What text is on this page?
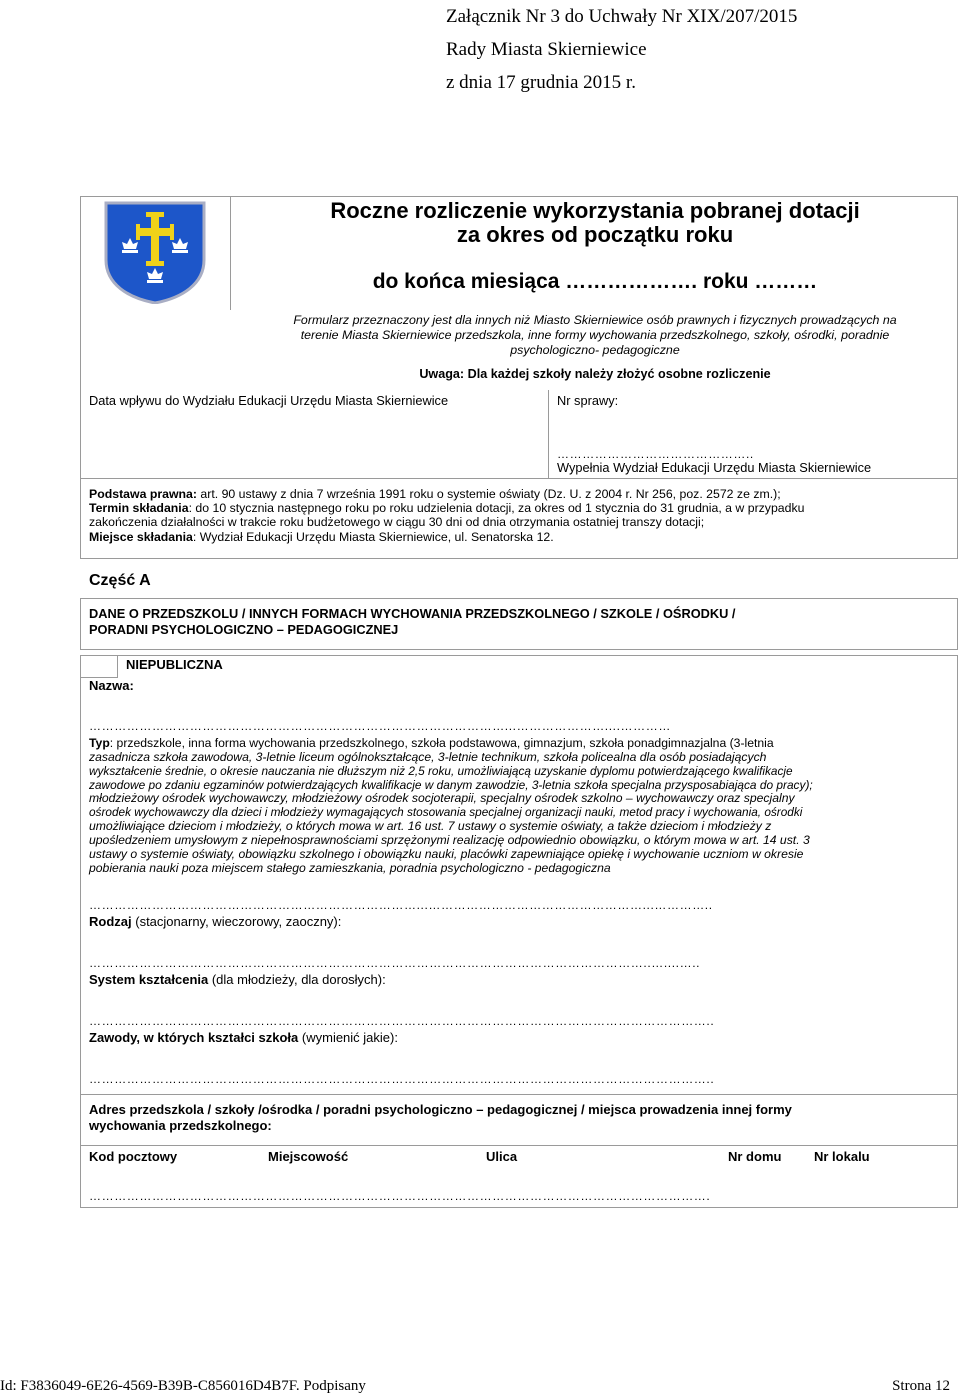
Załącznik Nr 3 do Uchwały Nr XIX/207/2015
Rady Miasta Skierniewice
z dnia 17 grudnia 2015 r.
Roczne rozliczenie wykorzystania pobranej dotacji
za okres od początku roku
do końca miesiąca ………………. roku ………
Formularz przeznaczony jest dla innych niż Miasto Skierniewice osób prawnych i fizycznych prowadzących na
terenie Miasta Skierniewice przedszkola, inne formy wychowania przedszkolnego, szkoły, ośrodki, poradnie
psychologiczno- pedagogiczne
Uwaga: Dla każdej szkoły należy złożyć osobne rozliczenie
Data wpływu do Wydziału Edukacji Urzędu Miasta Skierniewice	Nr sprawy:
………………………………………..
Wypełnia Wydział Edukacji Urzędu Miasta Skierniewice
Podstawa prawna: art. 90 ustawy z dnia 7 września 1991 roku o systemie oświaty (Dz. U. z 2004 r. Nr 256, poz. 2572 ze zm.);
Termin składania: do 10 stycznia następnego roku po roku udzielenia dotacji, za okres od 1 stycznia do 31 grudnia, a w przypadku
zakończenia działalności w trakcie roku budżetowego w ciągu 30 dni od dnia otrzymania ostatniej transzy dotacji;
Miejsce składania: Wydział Edukacji Urzędu Miasta Skierniewice, ul. Senatorska 12.
Część A
DANE O PRZEDSZKOLU / INNYCH FORMACH WYCHOWANIA PRZEDSZKOLNEGO / SZKOLE / OŚRODKU /
PORADNI PSYCHOLOGICZNO – PEDAGOGICZNEJ
NIEPUBLICZNA
Nazwa:
………………………………………………………………………………………...…………………....…………
Typ: przedszkole, inna forma wychowania przedszkolnego, szkoła podstawowa, gimnazjum, szkoła ponadgimnazjalna (3-letnia
zasadnicza szkoła zawodowa, 3-letnie liceum ogólnokształcące, 3-letnie technikum, szkoła policealna dla osób posiadających
wykształcenie średnie, o okresie nauczania nie dłuższym niż 2,5 roku, umożliwiającą uzyskanie dyplomu potwierdzającego kwalifikacje
zawodowe po zdaniu egzaminów potwierdzających kwalifikacje w danym zawodzie, 3-letnia szkoła specjalna przysposabiająca do pracy);
młodzieżowy ośrodek wychowawczy, młodzieżowy ośrodek socjoterapii, specjalny ośrodek szkolno – wychowawczy oraz specjalny
ośrodek wychowawczy dla dzieci i młodzieży wymagających stosowania specjalnej organizacji nauki, metod pracy i wychowania, ośrodki
umożliwiające dzieciom i młodzieży, o których mowa w art. 16 ust. 7 ustawy o systemie oświaty, a także dzieciom i młodzieży z
upośledzeniem umysłowym z niepełnosprawnościami sprzężonymi realizację odpowiednio obowiązku, o którym mowa w art. 14 ust. 3
ustawy o systemie oświaty, obowiązku szkolnego i obowiązku nauki, placówki zapewniające opiekę i wychowanie uczniom w okresie
pobierania nauki poza miejscem stałego zamieszkania, poradnia psychologiczno - pedagogiczna
……………………………………………………………………...……………………………………………...…………..
Rodzaj (stacjonarny, wieczorowy, zaoczny):
……………………………………………………………………………………………………………………..…....…..
System kształcenia (dla młodzieży, dla dorosłych):
…………………………………………………………………………………………………………………………………..
Zawody, w których kształci szkoła (wymienić jakie):
…………………………………………………………………………………………………………………………………..
Adres przedszkola / szkoły /ośrodka / poradni psychologiczno – pedagogicznej / miejsca prowadzenia innej formy
wychowania przedszkolnego:
Kod pocztowy	Miejscowość	Ulica	Nr domu	Nr lokalu
………………………………………………………………………………………………………………………………….
Id: F3836049-6E26-4569-B39B-C856016D4B7F. Podpisany	Strona 12
